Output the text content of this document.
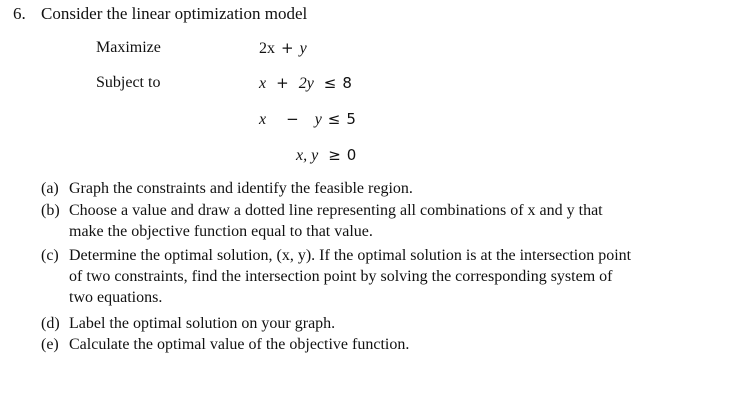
6. Consider the linear optimization model
Maximize
Subject to
2x + y
x + 2y ≤ 8
x − y ≤ 5
x, y ≥ 0
(a) Graph the constraints and identify the feasible region.
(b) Choose a value and draw a dotted line representing all combinations of x and y that
make the objective function equal to that value.
(c) Determine the optimal solution, (x, y). If the optimal solution is at the intersection point
of two constraints, find the intersection point by solving the corresponding system of
two equations.
(d) Label the optimal solution on your graph.
(e) Calculate the optimal value of the objective function.
